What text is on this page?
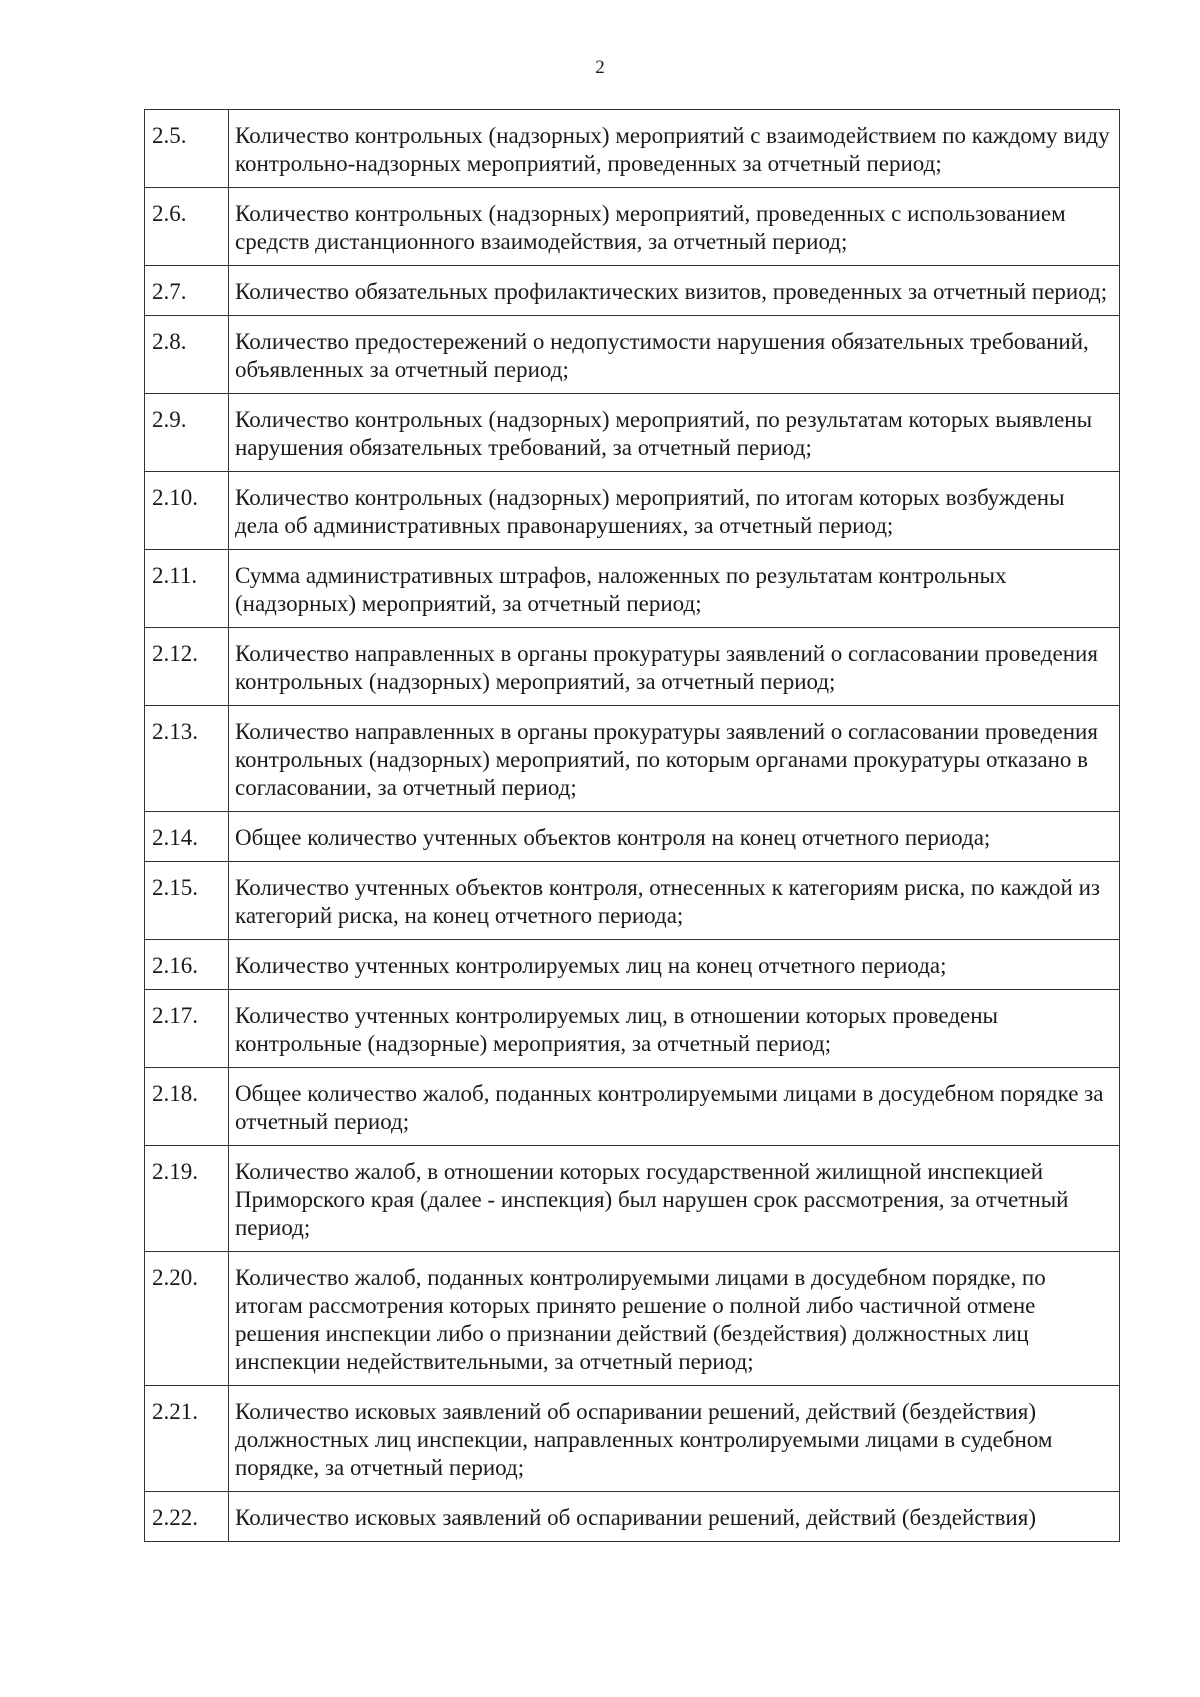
2
2.5.	Количество контрольных (надзорных) мероприятий с взаимодействием по каждому виду контрольно-надзорных мероприятий, проведенных за отчетный период;
2.6.	Количество контрольных (надзорных) мероприятий, проведенных с использованием средств дистанционного взаимодействия, за отчетный период;
2.7.	Количество обязательных профилактических визитов, проведенных за отчетный период;
2.8.	Количество предостережений о недопустимости нарушения обязательных требований, объявленных за отчетный период;
2.9.	Количество контрольных (надзорных) мероприятий, по результатам которых выявлены нарушения обязательных требований, за отчетный период;
2.10.	Количество контрольных (надзорных) мероприятий, по итогам которых возбуждены дела об административных правонарушениях, за отчетный период;
2.11.	Сумма административных штрафов, наложенных по результатам контрольных (надзорных) мероприятий, за отчетный период;
2.12.	Количество направленных в органы прокуратуры заявлений о согласовании проведения контрольных (надзорных) мероприятий, за отчетный период;
2.13.	Количество направленных в органы прокуратуры заявлений о согласовании проведения контрольных (надзорных) мероприятий, по которым органами прокуратуры отказано в согласовании, за отчетный период;
2.14.	Общее количество учтенных объектов контроля на конец отчетного периода;
2.15.	Количество учтенных объектов контроля, отнесенных к категориям риска, по каждой из категорий риска, на конец отчетного периода;
2.16.	Количество учтенных контролируемых лиц на конец отчетного периода;
2.17.	Количество учтенных контролируемых лиц, в отношении которых проведены контрольные (надзорные) мероприятия, за отчетный период;
2.18.	Общее количество жалоб, поданных контролируемыми лицами в досудебном порядке за отчетный период;
2.19.	Количество жалоб, в отношении которых государственной жилищной инспекцией Приморского края (далее - инспекция) был нарушен срок рассмотрения, за отчетный период;
2.20.	Количество жалоб, поданных контролируемыми лицами в досудебном порядке, по итогам рассмотрения которых принято решение о полной либо частичной отмене решения инспекции либо о признании действий (бездействия) должностных лиц инспекции недействительными, за отчетный период;
2.21.	Количество исковых заявлений об оспаривании решений, действий (бездействия) должностных лиц инспекции, направленных контролируемыми лицами в судебном порядке, за отчетный период;
2.22.	Количество исковых заявлений об оспаривании решений, действий (бездействия)
